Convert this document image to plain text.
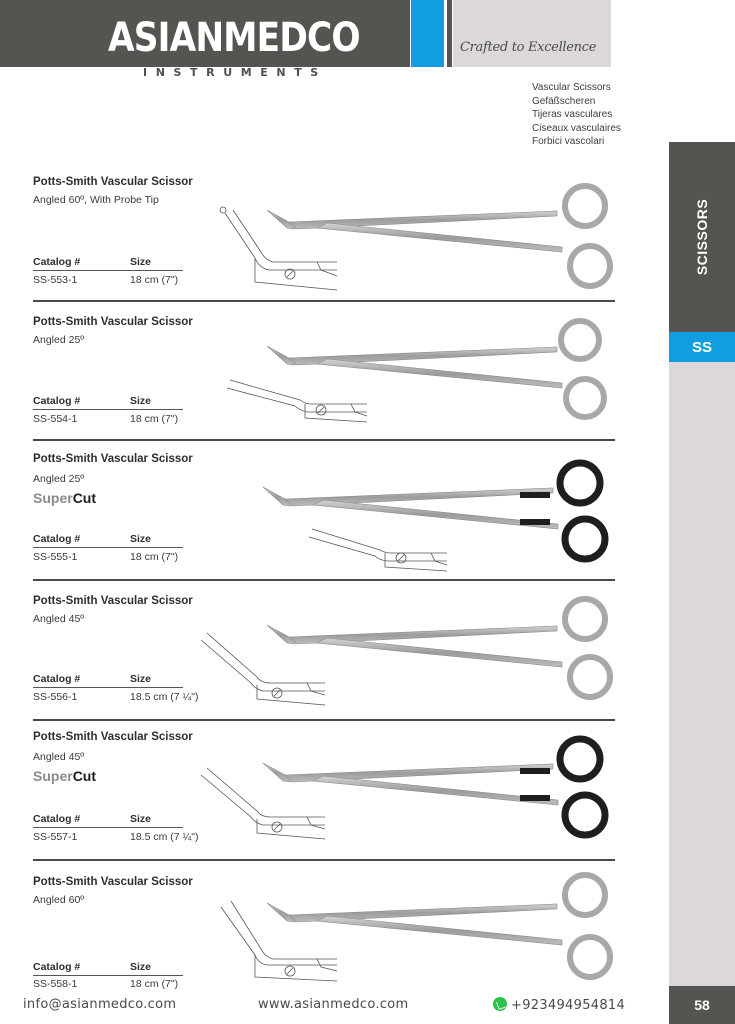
ASIANMEDCO
INSTRUMENTS
Crafted to Excellence
Vascular Scissors
Gefäßscheren
Tijeras vasculares
Ciseaux vasculaires
Forbici vascolari
SCISSORS
SS
58
Potts-Smith Vascular Scissor
Angled 60º, With Probe Tip
Catalog #	Size
SS-553-1	18 cm (7")
Potts-Smith Vascular Scissor
Angled 25º
Catalog #	Size
SS-554-1	18 cm (7")
Potts-Smith Vascular Scissor
Angled 25º
SuperCut
Catalog #	Size
SS-555-1	18 cm (7")
Potts-Smith Vascular Scissor
Angled 45º
Catalog #	Size
SS-556-1	18.5 cm (7 ¼")
Potts-Smith Vascular Scissor
Angled 45º
SuperCut
Catalog #	Size
SS-557-1	18.5 cm (7 ¼")
Potts-Smith Vascular Scissor
Angled 60º
Catalog #	Size
SS-558-1	18 cm (7")
info@asianmedco.com	www.asianmedco.com	+923494954814
